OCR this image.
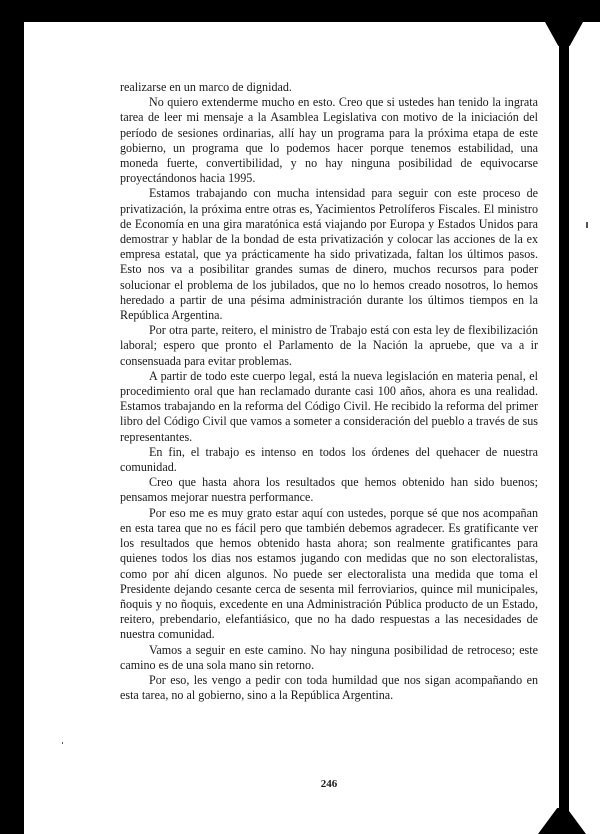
realizarse en un marco de dignidad.

No quiero extenderme mucho en esto. Creo que si ustedes han tenido la ingrata tarea de leer mi mensaje a la Asamblea Legislativa con motivo de la iniciación del período de sesiones ordinarias, allí hay un programa para la próxima etapa de este gobierno, un programa que lo podemos hacer porque tenemos estabilidad, una moneda fuerte, convertibilidad, y no hay ninguna posibilidad de equivocarse proyectándonos hacia 1995.

Estamos trabajando con mucha intensidad para seguir con este proceso de privatización, la próxima entre otras es, Yacimientos Petrolíferos Fiscales. El ministro de Economía en una gira maratónica está viajando por Europa y Estados Unidos para demostrar y hablar de la bondad de esta privatización y colocar las acciones de la ex empresa estatal, que ya prácticamente ha sido privatizada, faltan los últimos pasos. Esto nos va a posibilitar grandes sumas de dinero, muchos recursos para poder solucionar el problema de los jubilados, que no lo hemos creado nosotros, lo hemos heredado a partir de una pésima administración durante los últimos tiempos en la República Argentina.

Por otra parte, reitero, el ministro de Trabajo está con esta ley de flexibilización laboral; espero que pronto el Parlamento de la Nación la apruebe, que va a ir consensuada para evitar problemas.

A partir de todo este cuerpo legal, está la nueva legislación en materia penal, el procedimiento oral que han reclamado durante casi 100 años, ahora es una realidad. Estamos trabajando en la reforma del Código Civil. He recibido la reforma del primer libro del Código Civil que vamos a someter a consideración del pueblo a través de sus representantes.

En fin, el trabajo es intenso en todos los órdenes del quehacer de nuestra comunidad.

Creo que hasta ahora los resultados que hemos obtenido han sido buenos; pensamos mejorar nuestra performance.

Por eso me es muy grato estar aquí con ustedes, porque sé que nos acompañan en esta tarea que no es fácil pero que también debemos agradecer. Es gratificante ver los resultados que hemos obtenido hasta ahora; son realmente gratificantes para quienes todos los dias nos estamos jugando con medidas que no son electoralistas, como por ahí dicen algunos. No puede ser electoralista una medida que toma el Presidente dejando cesante cerca de sesenta mil ferroviarios, quince mil municipales, ñoquis y no ñoquis, excedente en una Administración Pública producto de un Estado, reitero, prebendario, elefantiásico, que no ha dado respuestas a las necesidades de nuestra comunidad.

Vamos a seguir en este camino. No hay ninguna posibilidad de retroceso; este camino es de una sola mano sin retorno.

Por eso, les vengo a pedir con toda humildad que nos sigan acompañando en esta tarea, no al gobierno, sino a la República Argentina.

246
